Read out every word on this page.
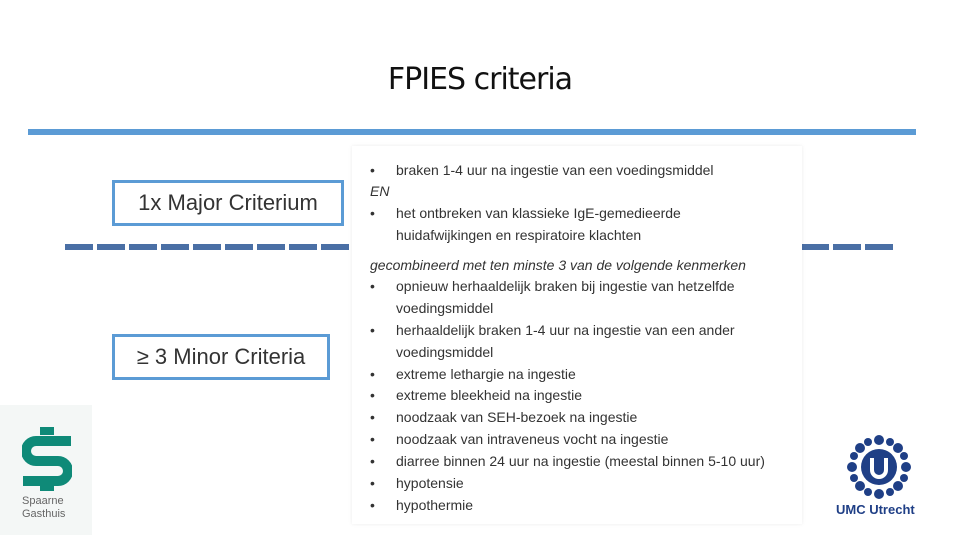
FPIES criteria
1x Major Criterium
≥ 3 Minor Criteria
• braken 1-4 uur na ingestie van een voedingsmiddel
EN
• het ontbreken van klassieke IgE-gemedieerde
huidafwijkingen en respiratoire klachten
gecombineerd met ten minste 3 van de volgende kenmerken
• opnieuw herhaaldelijk braken bij ingestie van hetzelfde
voedingsmiddel
• herhaaldelijk braken 1-4 uur na ingestie van een ander
voedingsmiddel
• extreme lethargie na ingestie
• extreme bleekheid na ingestie
• noodzaak van SEH-bezoek na ingestie
• noodzaak van intraveneus vocht na ingestie
• diarree binnen 24 uur na ingestie (meestal binnen 5-10 uur)
• hypotensie
• hypothermie
Spaarne
Gasthuis	UMC Utrecht
